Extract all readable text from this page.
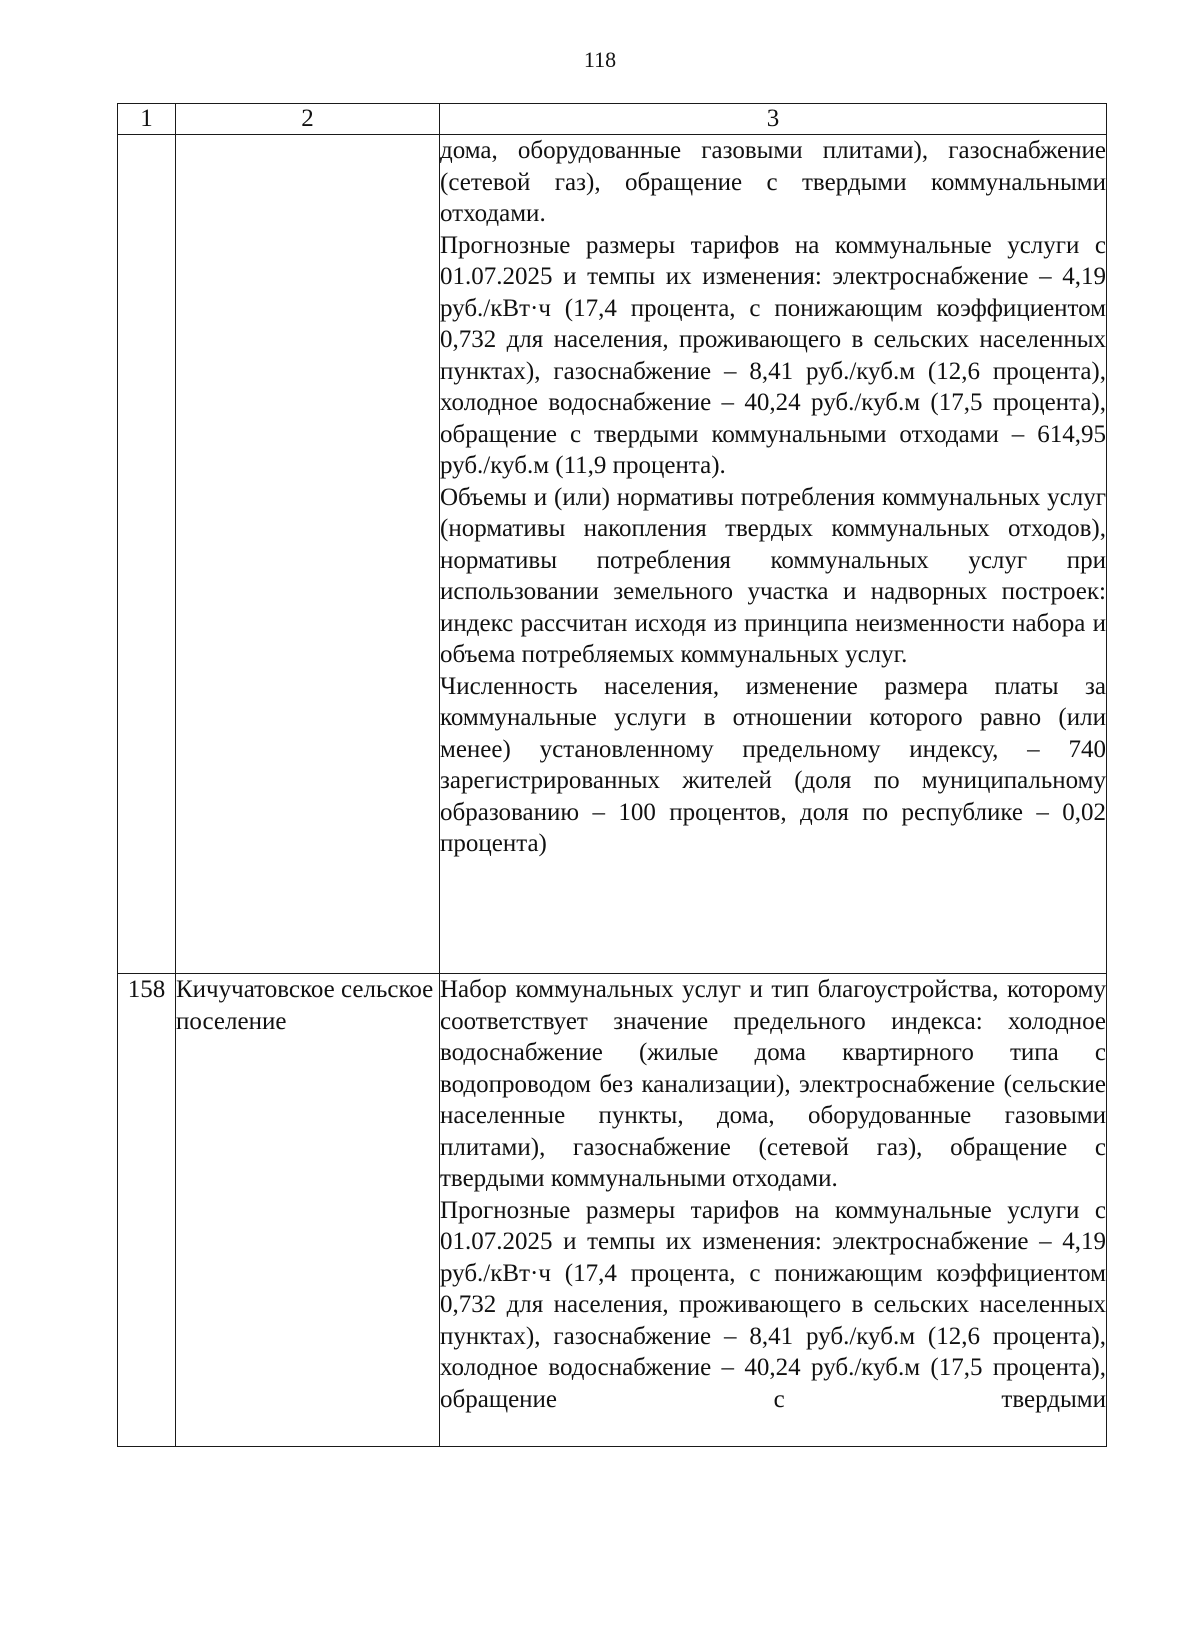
118
1	2	3

		дома, оборудованные газовыми плитами), газоснабжение (сетевой газ), обращение с твердыми коммунальными отходами.

Прогнозные размеры тарифов на коммунальные услуги с 01.07.2025 и темпы их изменения: электроснабжение – 4,19 руб./кВт·ч (17,4 процента, с понижающим коэффициентом 0,732 для населения, проживающего в сельских населенных пунктах), газоснабжение – 8,41 руб./куб.м (12,6 процента), холодное водоснабжение – 40,24 руб./куб.м (17,5 процента), обращение с твердыми коммунальными отходами – 614,95 руб./куб.м (11,9 процента).

Объемы и (или) нормативы потребления коммунальных услуг (нормативы накопления твердых коммунальных отходов), нормативы потребления коммунальных услуг при использовании земельного участка и надворных построек: индекс рассчитан исходя из принципа неизменности набора и объема потребляемых коммунальных услуг.

Численность населения, изменение размера платы за коммунальные услуги в отношении которого равно (или менее) установленному предельному индексу, – 740 зарегистрированных жителей (доля по муниципальному образованию – 100 процентов, доля по республике – 0,02 процента)

158	Кичучатовское сельское поселение	Набор коммунальных услуг и тип благоустройства, которому соответствует значение предельного индекса: холодное водоснабжение (жилые дома квартирного типа с водопроводом без канализации), электроснабжение (сельские населенные пункты, дома, оборудованные газовыми плитами), газоснабжение (сетевой газ), обращение с твердыми коммунальными отходами.

Прогнозные размеры тарифов на коммунальные услуги с 01.07.2025 и темпы их изменения: электроснабжение – 4,19 руб./кВт·ч (17,4 процента, с понижающим коэффициентом 0,732 для населения, проживающего в сельских населенных пунктах), газоснабжение – 8,41 руб./куб.м (12,6 процента), холодное водоснабжение – 40,24 руб./куб.м (17,5 процента), обращение с твердыми
